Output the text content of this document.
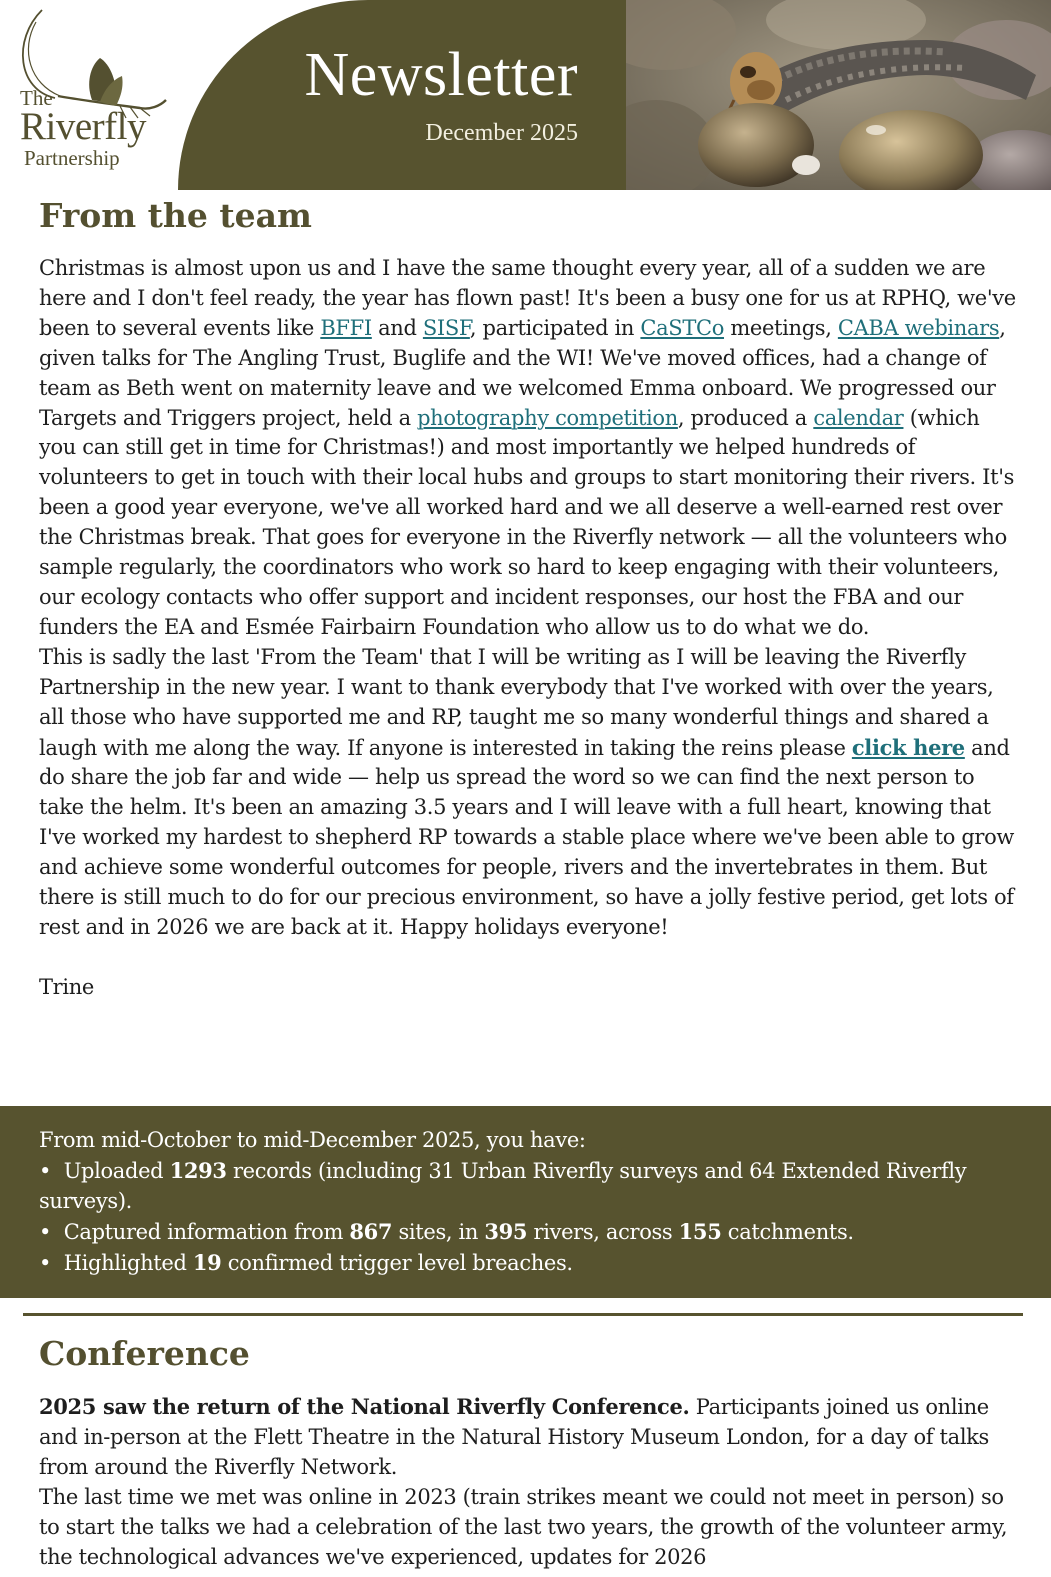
The
Riverfly
Partnership
Newsletter
December 2025
From the team

Christmas is almost upon us and I have the same thought every year, all of a sudden we are here and I don't feel ready, the year has flown past! It's been a busy one for us at RPHQ, we've been to several events like BFFI and SISF, participated in CaSTCo meetings, CABA webinars, given talks for The Angling Trust, Buglife and the WI! We've moved offices, had a change of team as Beth went on maternity leave and we welcomed Emma onboard. We progressed our Targets and Triggers project, held a photography competition, produced a calendar (which you can still get in time for Christmas!) and most importantly we helped hundreds of volunteers to get in touch with their local hubs and groups to start monitoring their rivers. It's been a good year everyone, we've all worked hard and we all deserve a well-earned rest over the Christmas break. That goes for everyone in the Riverfly network — all the volunteers who sample regularly, the coordinators who work so hard to keep engaging with their volunteers, our ecology contacts who offer support and incident responses, our host the FBA and our funders the EA and Esmée Fairbairn Foundation who allow us to do what we do.

This is sadly the last 'From the Team' that I will be writing as I will be leaving the Riverfly Partnership in the new year. I want to thank everybody that I've worked with over the years, all those who have supported me and RP, taught me so many wonderful things and shared a laugh with me along the way. If anyone is interested in taking the reins please click here and do share the job far and wide — help us spread the word so we can find the next person to take the helm. It's been an amazing 3.5 years and I will leave with a full heart, knowing that I've worked my hardest to shepherd RP towards a stable place where we've been able to grow and achieve some wonderful outcomes for people, rivers and the invertebrates in them. But there is still much to do for our precious environment, so have a jolly festive period, get lots of rest and in 2026 we are back at it. Happy holidays everyone!

Trine

From mid-October to mid-December 2025, you have:

• Uploaded 1293 records (including 31 Urban Riverfly surveys and 64 Extended Riverfly surveys).

• Captured information from 867 sites, in 395 rivers, across 155 catchments.

• Highlighted 19 confirmed trigger level breaches.

Conference

2025 saw the return of the National Riverfly Conference. Participants joined us online and in-person at the Flett Theatre in the Natural History Museum London, for a day of talks from around the Riverfly Network.

The last time we met was online in 2023 (train strikes meant we could not meet in person) so to start the talks we had a celebration of the last two years, the growth of the volunteer army, the technological advances we've experienced, updates for 2026
